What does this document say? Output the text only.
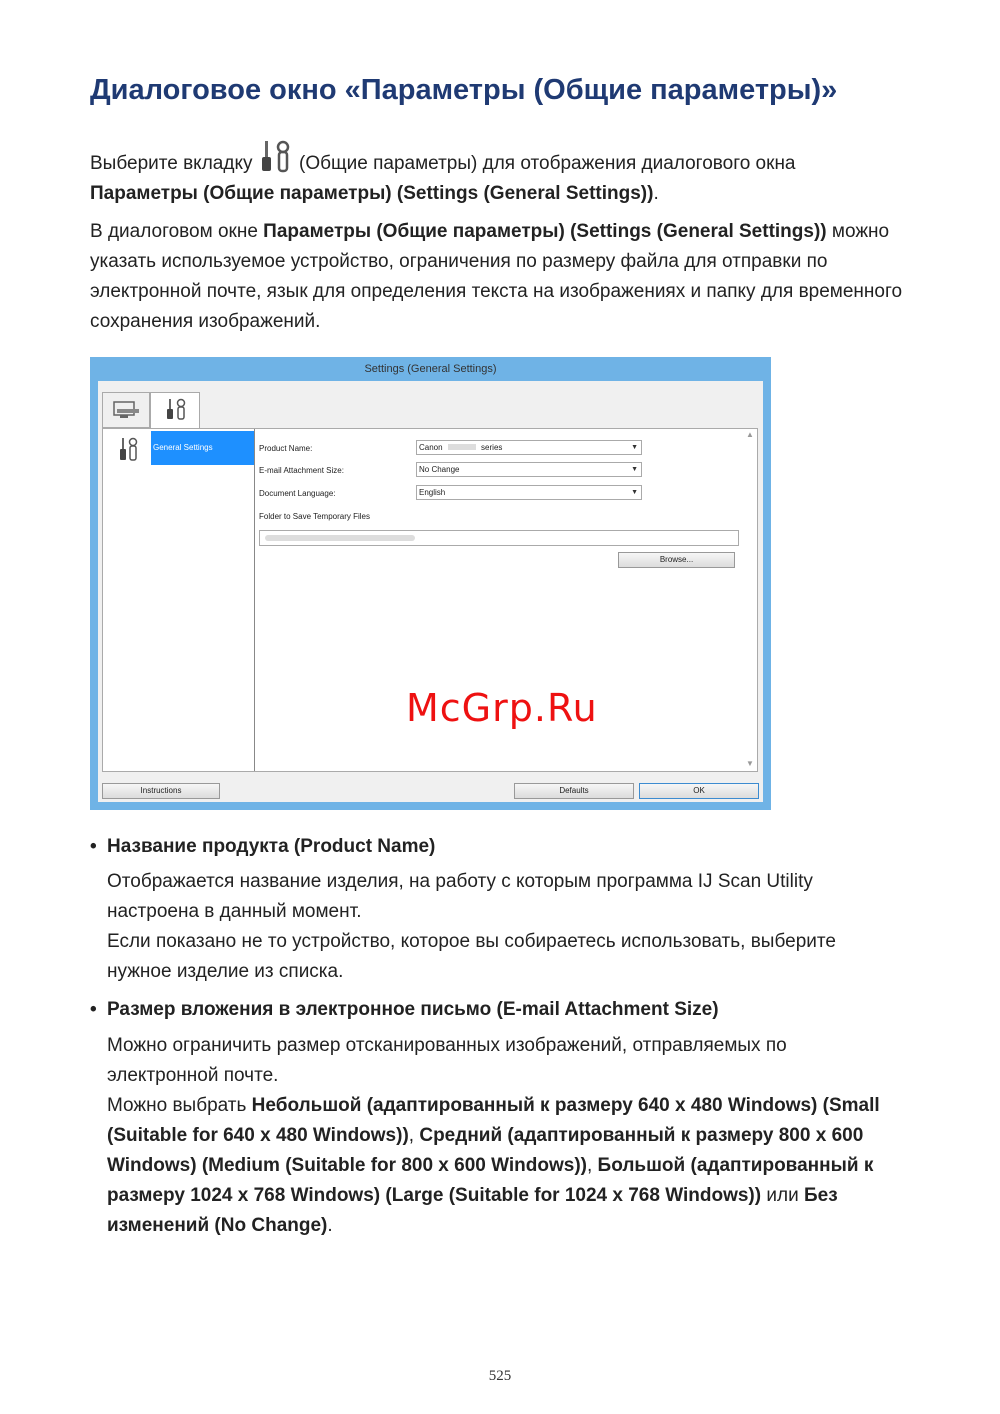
Диалоговое окно «Параметры (Общие параметры)»
Выберите вкладку (Общие параметры) для отображения диалогового окна
Параметры (Общие параметры) (Settings (General Settings)).
В диалоговом окне Параметры (Общие параметры) (Settings (General Settings)) можно указать используемое устройство, ограничения по размеру файла для отправки по электронной почте, язык для определения текста на изображениях и папку для временного сохранения изображений.
Settings (General Settings)
General Settings	Product Name:	Canon	series	▼
E-mail Attachment Size:	No Change	▼
Document Language:	English	▼
Folder to Save Temporary Files
Browse...
▲
▼
Instructions	Defaults	OK
McGrp.Ru
• Название продукта (Product Name)
Отображается название изделия, на работу с которым программа IJ Scan Utility
настроена в данный момент.
Если показано не то устройство, которое вы собираетесь использовать, выберите
нужное изделие из списка.
• Размер вложения в электронное письмо (E-mail Attachment Size)
Можно ограничить размер отсканированных изображений, отправляемых по
электронной почте.
Можно выбрать Небольшой (адаптированный к размеру 640 x 480 Windows) (Small (Suitable for 640 x 480 Windows)), Средний (адаптированный к размеру 800 x 600 Windows) (Medium (Suitable for 800 x 600 Windows)), Большой (адаптированный к размеру 1024 x 768 Windows) (Large (Suitable for 1024 x 768 Windows)) или Без изменений (No Change).
525
